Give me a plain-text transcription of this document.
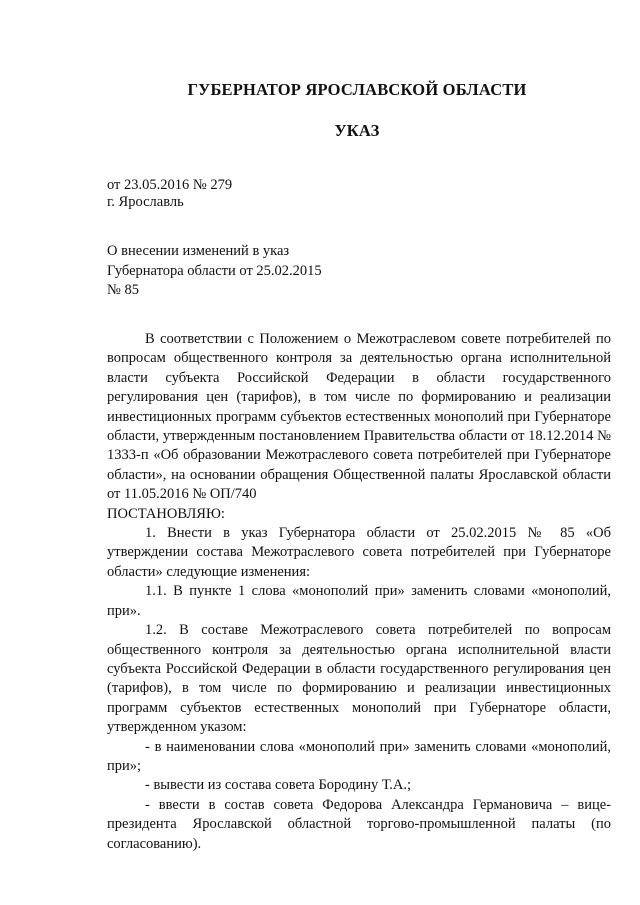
ГУБЕРНАТОР ЯРОСЛАВСКОЙ ОБЛАСТИ
УКАЗ
от 23.05.2016 № 279
г. Ярославль
О внесении изменений в указ
Губернатора области от 25.02.2015
№ 85

В соответствии с Положением о Межотраслевом совете потребителей по вопросам общественного контроля за деятельностью органа исполнительной власти субъекта Российской Федерации в области государственного регулирования цен (тарифов), в том числе по формированию и реализации инвестиционных программ субъектов естественных монополий при Губернаторе области, утвержденным постановлением Правительства области от 18.12.2014 № 1333-п «Об образовании Межотраслевого совета потребителей при Губернаторе области», на основании обращения Общественной палаты Ярославской области от 11.05.2016 № ОП/740

ПОСТАНОВЛЯЮ:

1. Внести в указ Губернатора области от 25.02.2015 № 85 «Об утверждении состава Межотраслевого совета потребителей при Губернаторе области» следующие изменения:

1.1. В пункте 1 слова «монополий при» заменить словами «монополий, при».

1.2. В составе Межотраслевого совета потребителей по вопросам общественного контроля за деятельностью органа исполнительной власти субъекта Российской Федерации в области государственного регулирования цен (тарифов), в том числе по формированию и реализации инвестиционных программ субъектов естественных монополий при Губернаторе области, утвержденном указом:

- в наименовании слова «монополий при» заменить словами «монополий, при»;

- вывести из состава совета Бородину Т.А.;

- ввести в состав совета Федорова Александра Германовича – вице-президента Ярославской областной торгово-промышленной палаты (по согласованию).
